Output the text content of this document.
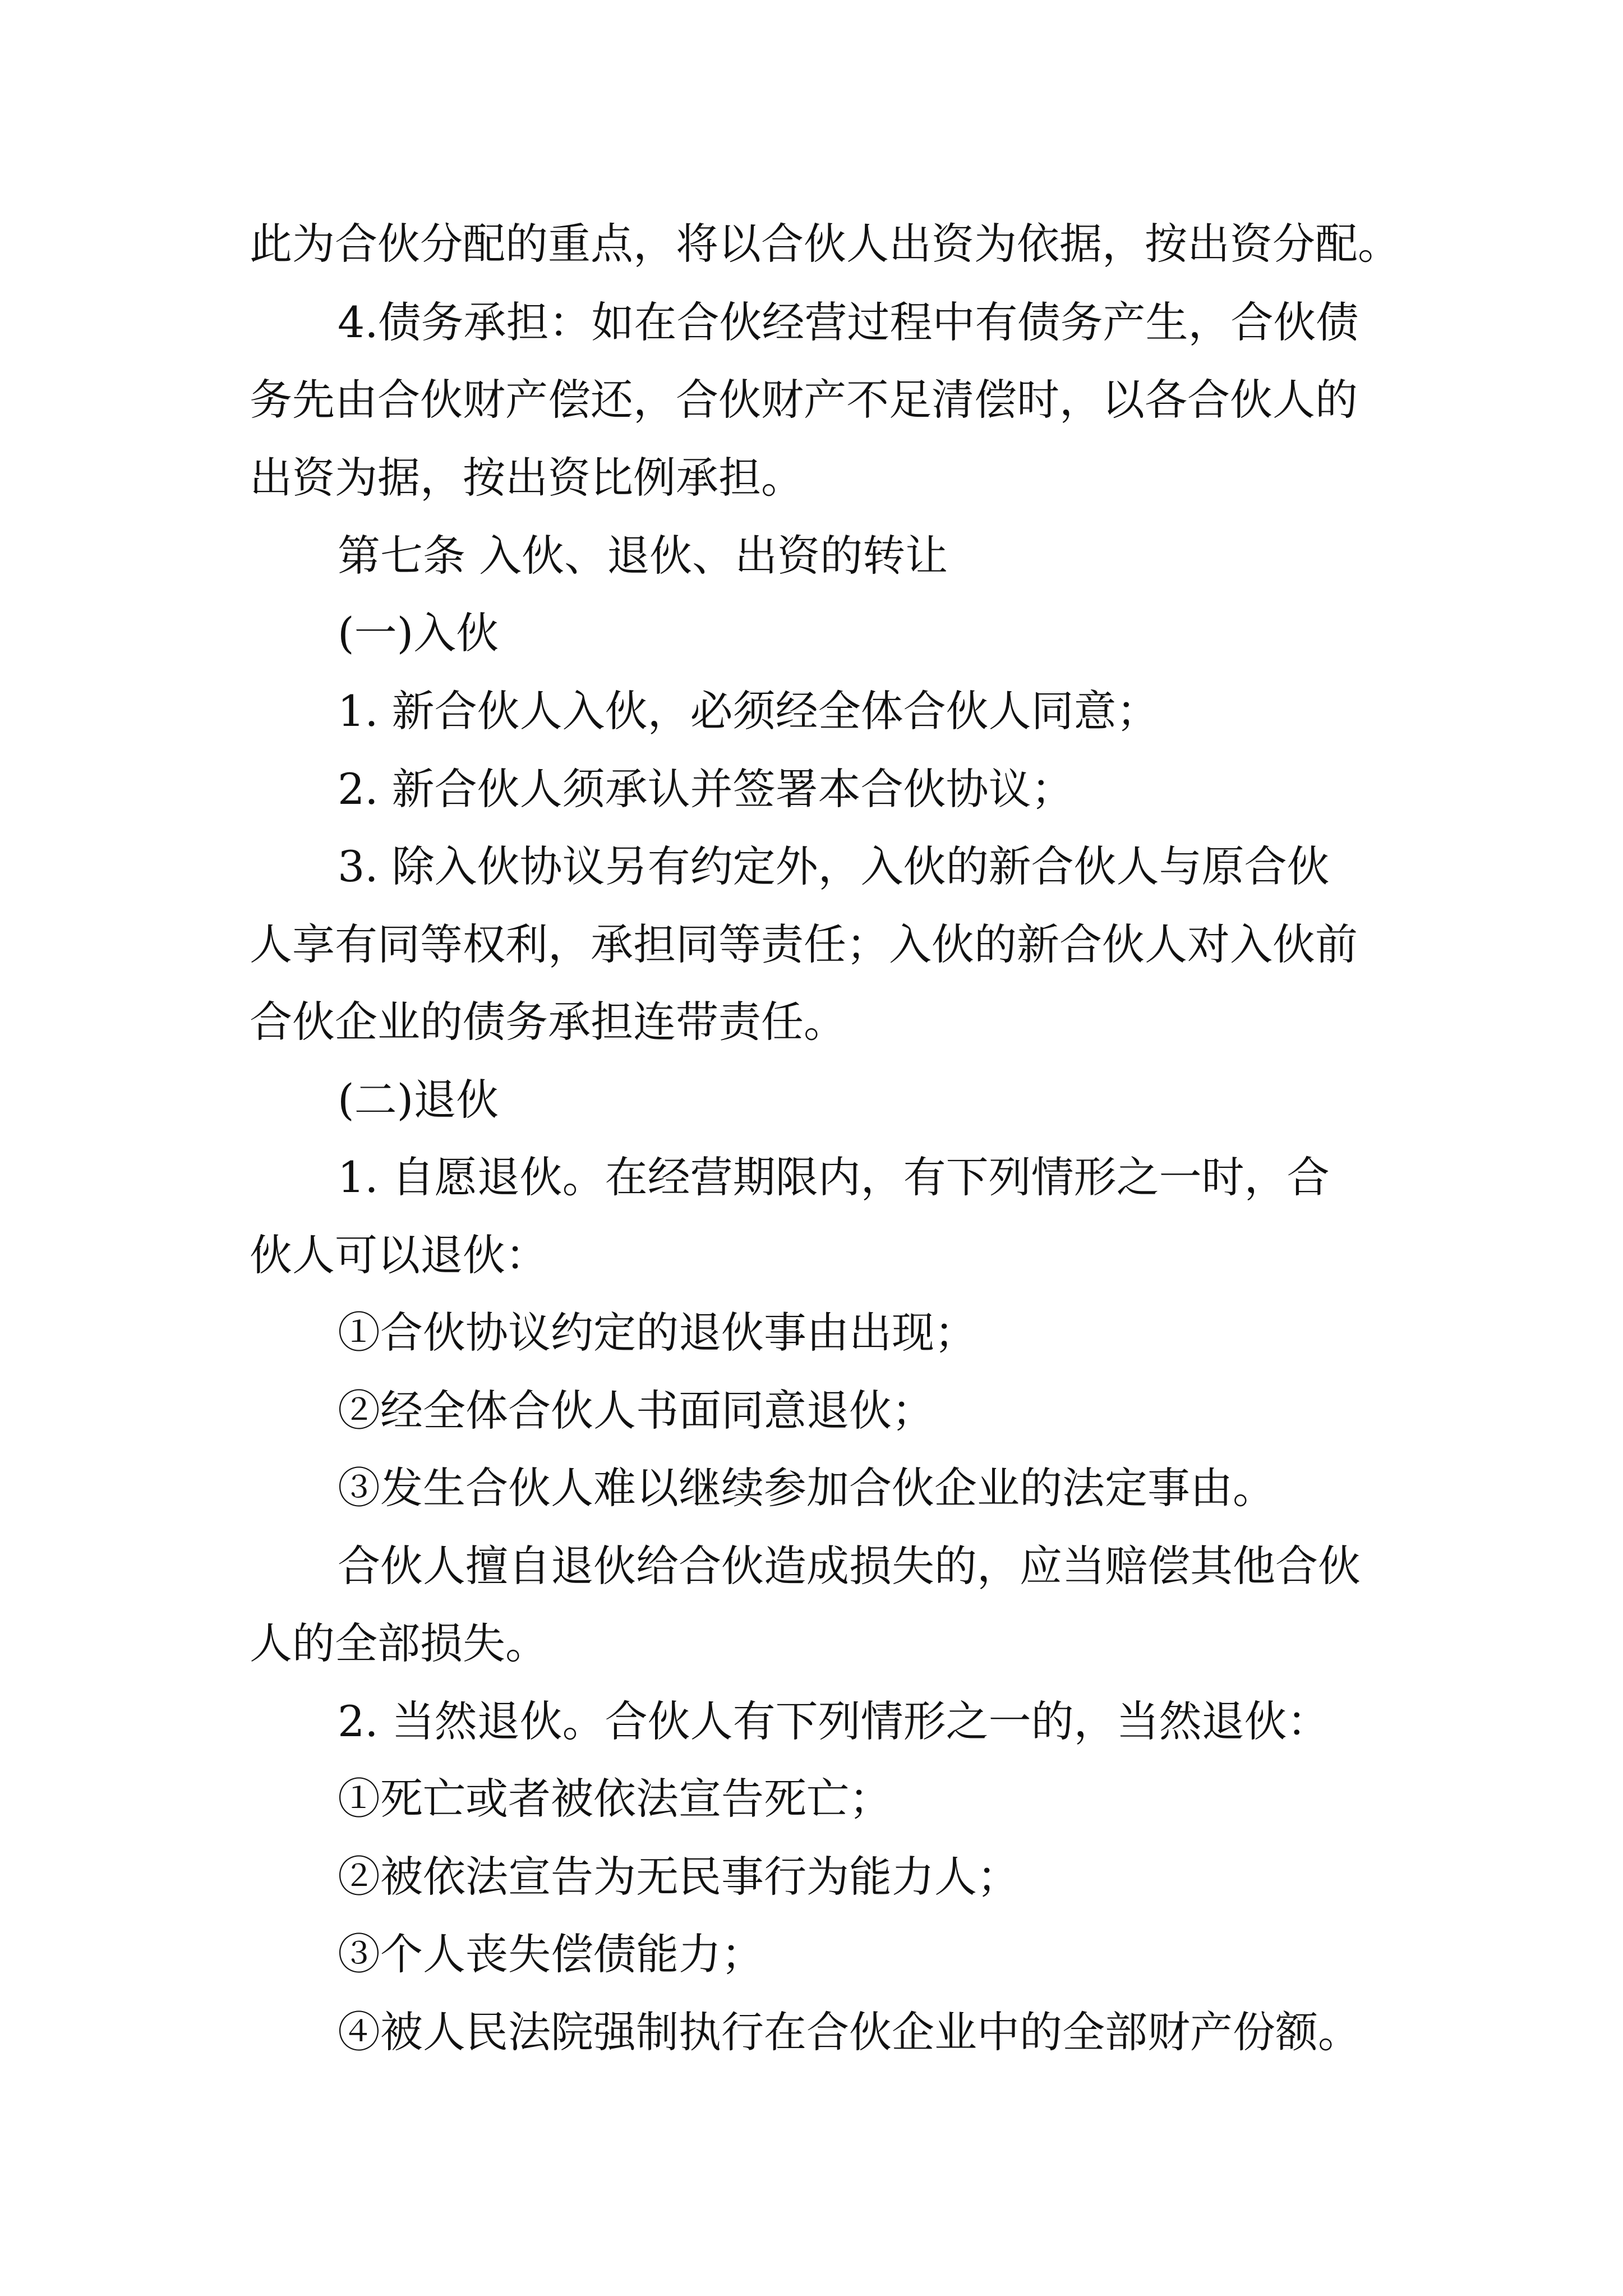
此为合伙分配的重点，将以合伙人出资为依据，按出资分配。
4.债务承担：如在合伙经营过程中有债务产生，合伙债
务先由合伙财产偿还，合伙财产不足清偿时，以各合伙人的
出资为据，按出资比例承担。
第七条 入伙、退伙、出资的转让
(一)入伙
1. 新合伙人入伙，必须经全体合伙人同意；
2. 新合伙人须承认并签署本合伙协议；
3. 除入伙协议另有约定外，入伙的新合伙人与原合伙
人享有同等权利，承担同等责任；入伙的新合伙人对入伙前
合伙企业的债务承担连带责任。
(二)退伙
1. 自愿退伙。在经营期限内，有下列情形之一时，合
伙人可以退伙：
①合伙协议约定的退伙事由出现；
②经全体合伙人书面同意退伙；
③发生合伙人难以继续参加合伙企业的法定事由。
合伙人擅自退伙给合伙造成损失的，应当赔偿其他合伙
人的全部损失。
2. 当然退伙。合伙人有下列情形之一的，当然退伙：
①死亡或者被依法宣告死亡；
②被依法宣告为无民事行为能力人；
③个人丧失偿债能力；
④被人民法院强制执行在合伙企业中的全部财产份额。
